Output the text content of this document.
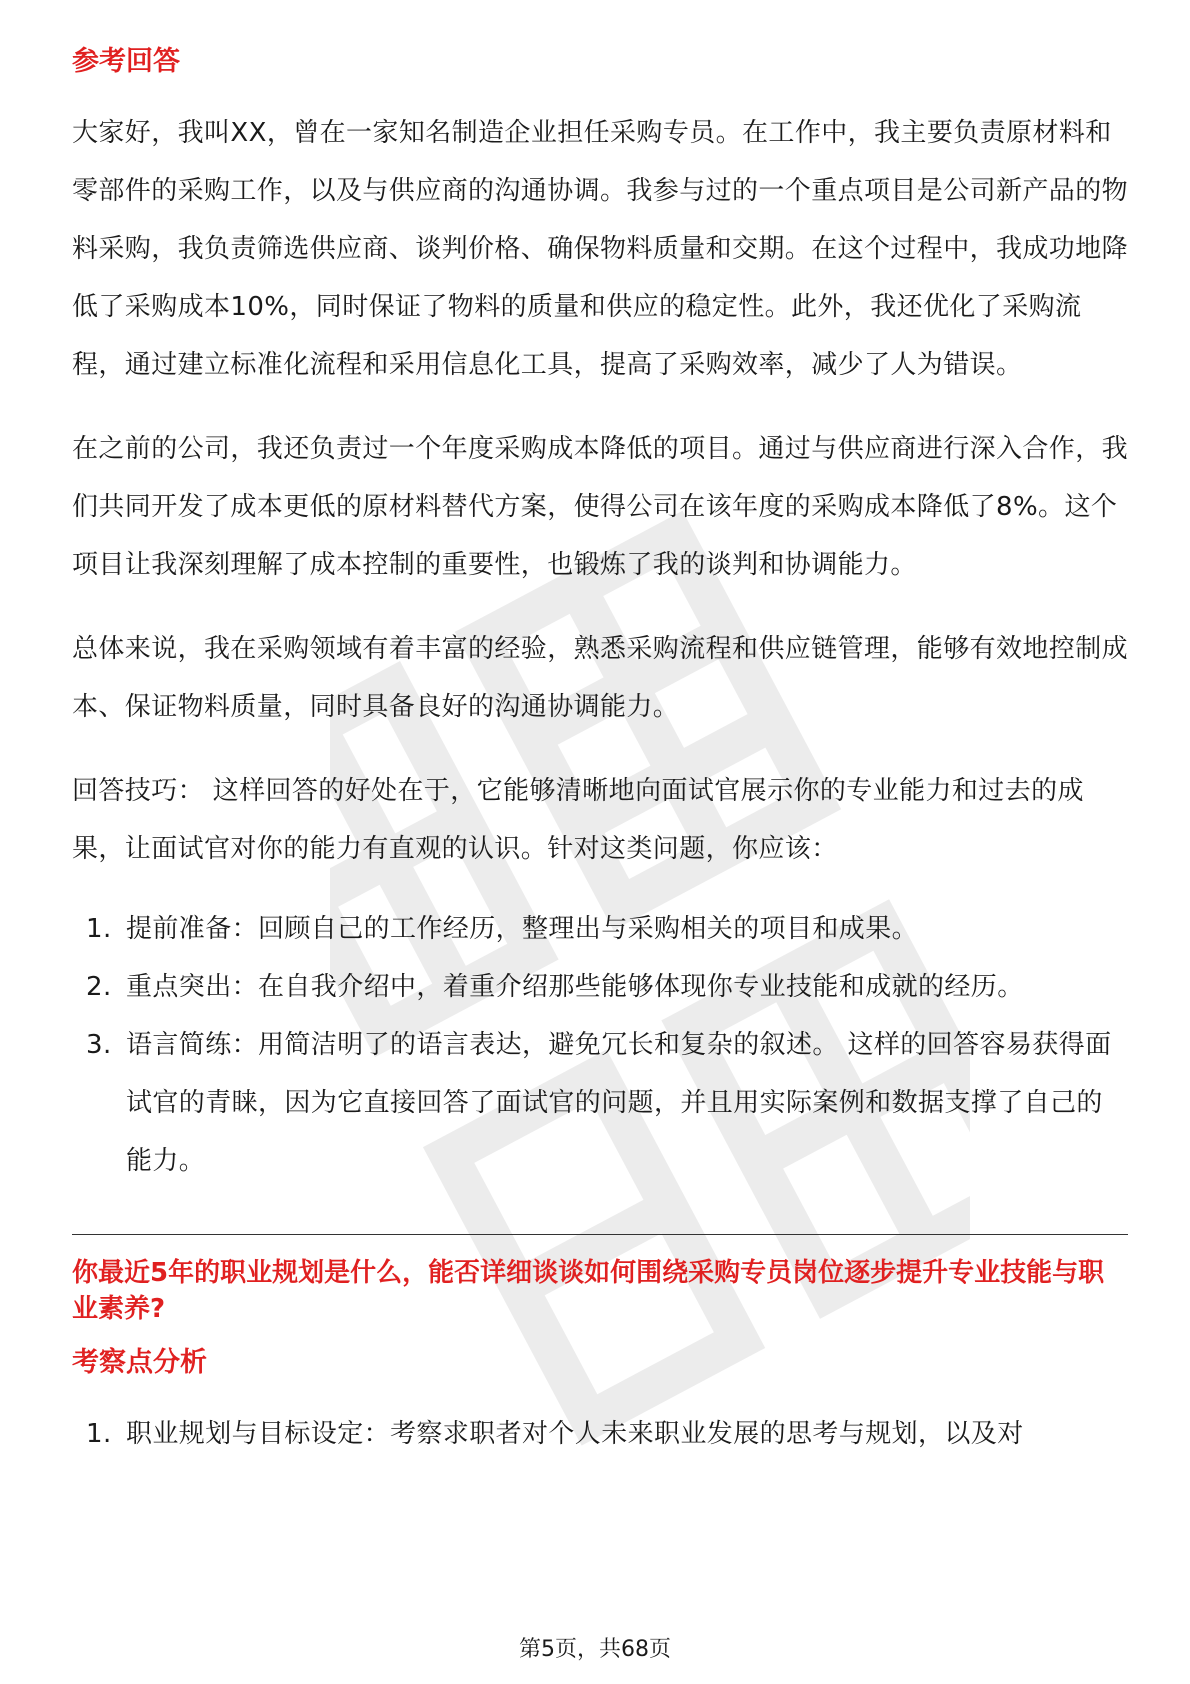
参考回答

大家好，我叫XX，曾在一家知名制造企业担任采购专员。在工作中，我主要负责原材料和零部件的采购工作，以及与供应商的沟通协调。我参与过的一个重点项目是公司新产品的物料采购，我负责筛选供应商、谈判价格、确保物料质量和交期。在这个过程中，我成功地降低了采购成本10%，同时保证了物料的质量和供应的稳定性。此外，我还优化了采购流程，通过建立标准化流程和采用信息化工具，提高了采购效率，减少了人为错误。

在之前的公司，我还负责过一个年度采购成本降低的项目。通过与供应商进行深入合作，我们共同开发了成本更低的原材料替代方案，使得公司在该年度的采购成本降低了8%。这个项目让我深刻理解了成本控制的重要性，也锻炼了我的谈判和协调能力。

总体来说，我在采购领域有着丰富的经验，熟悉采购流程和供应链管理，能够有效地控制成本、保证物料质量，同时具备良好的沟通协调能力。

回答技巧： 这样回答的好处在于，它能够清晰地向面试官展示你的专业能力和过去的成果，让面试官对你的能力有直观的认识。针对这类问题，你应该：

1. 提前准备：回顾自己的工作经历，整理出与采购相关的项目和成果。
2. 重点突出：在自我介绍中，着重介绍那些能够体现你专业技能和成就的经历。
3. 语言简练：用简洁明了的语言表达，避免冗长和复杂的叙述。 这样的回答容易获得面试官的青睐，因为它直接回答了面试官的问题，并且用实际案例和数据支撑了自己的能力。
你最近5年的职业规划是什么，能否详细谈谈如何围绕采购专员岗位逐步提升专业技能与职业素养?
考察点分析
1. 职业规划与目标设定：考察求职者对个人未来职业发展的思考与规划，以及对
第5页，共68页
